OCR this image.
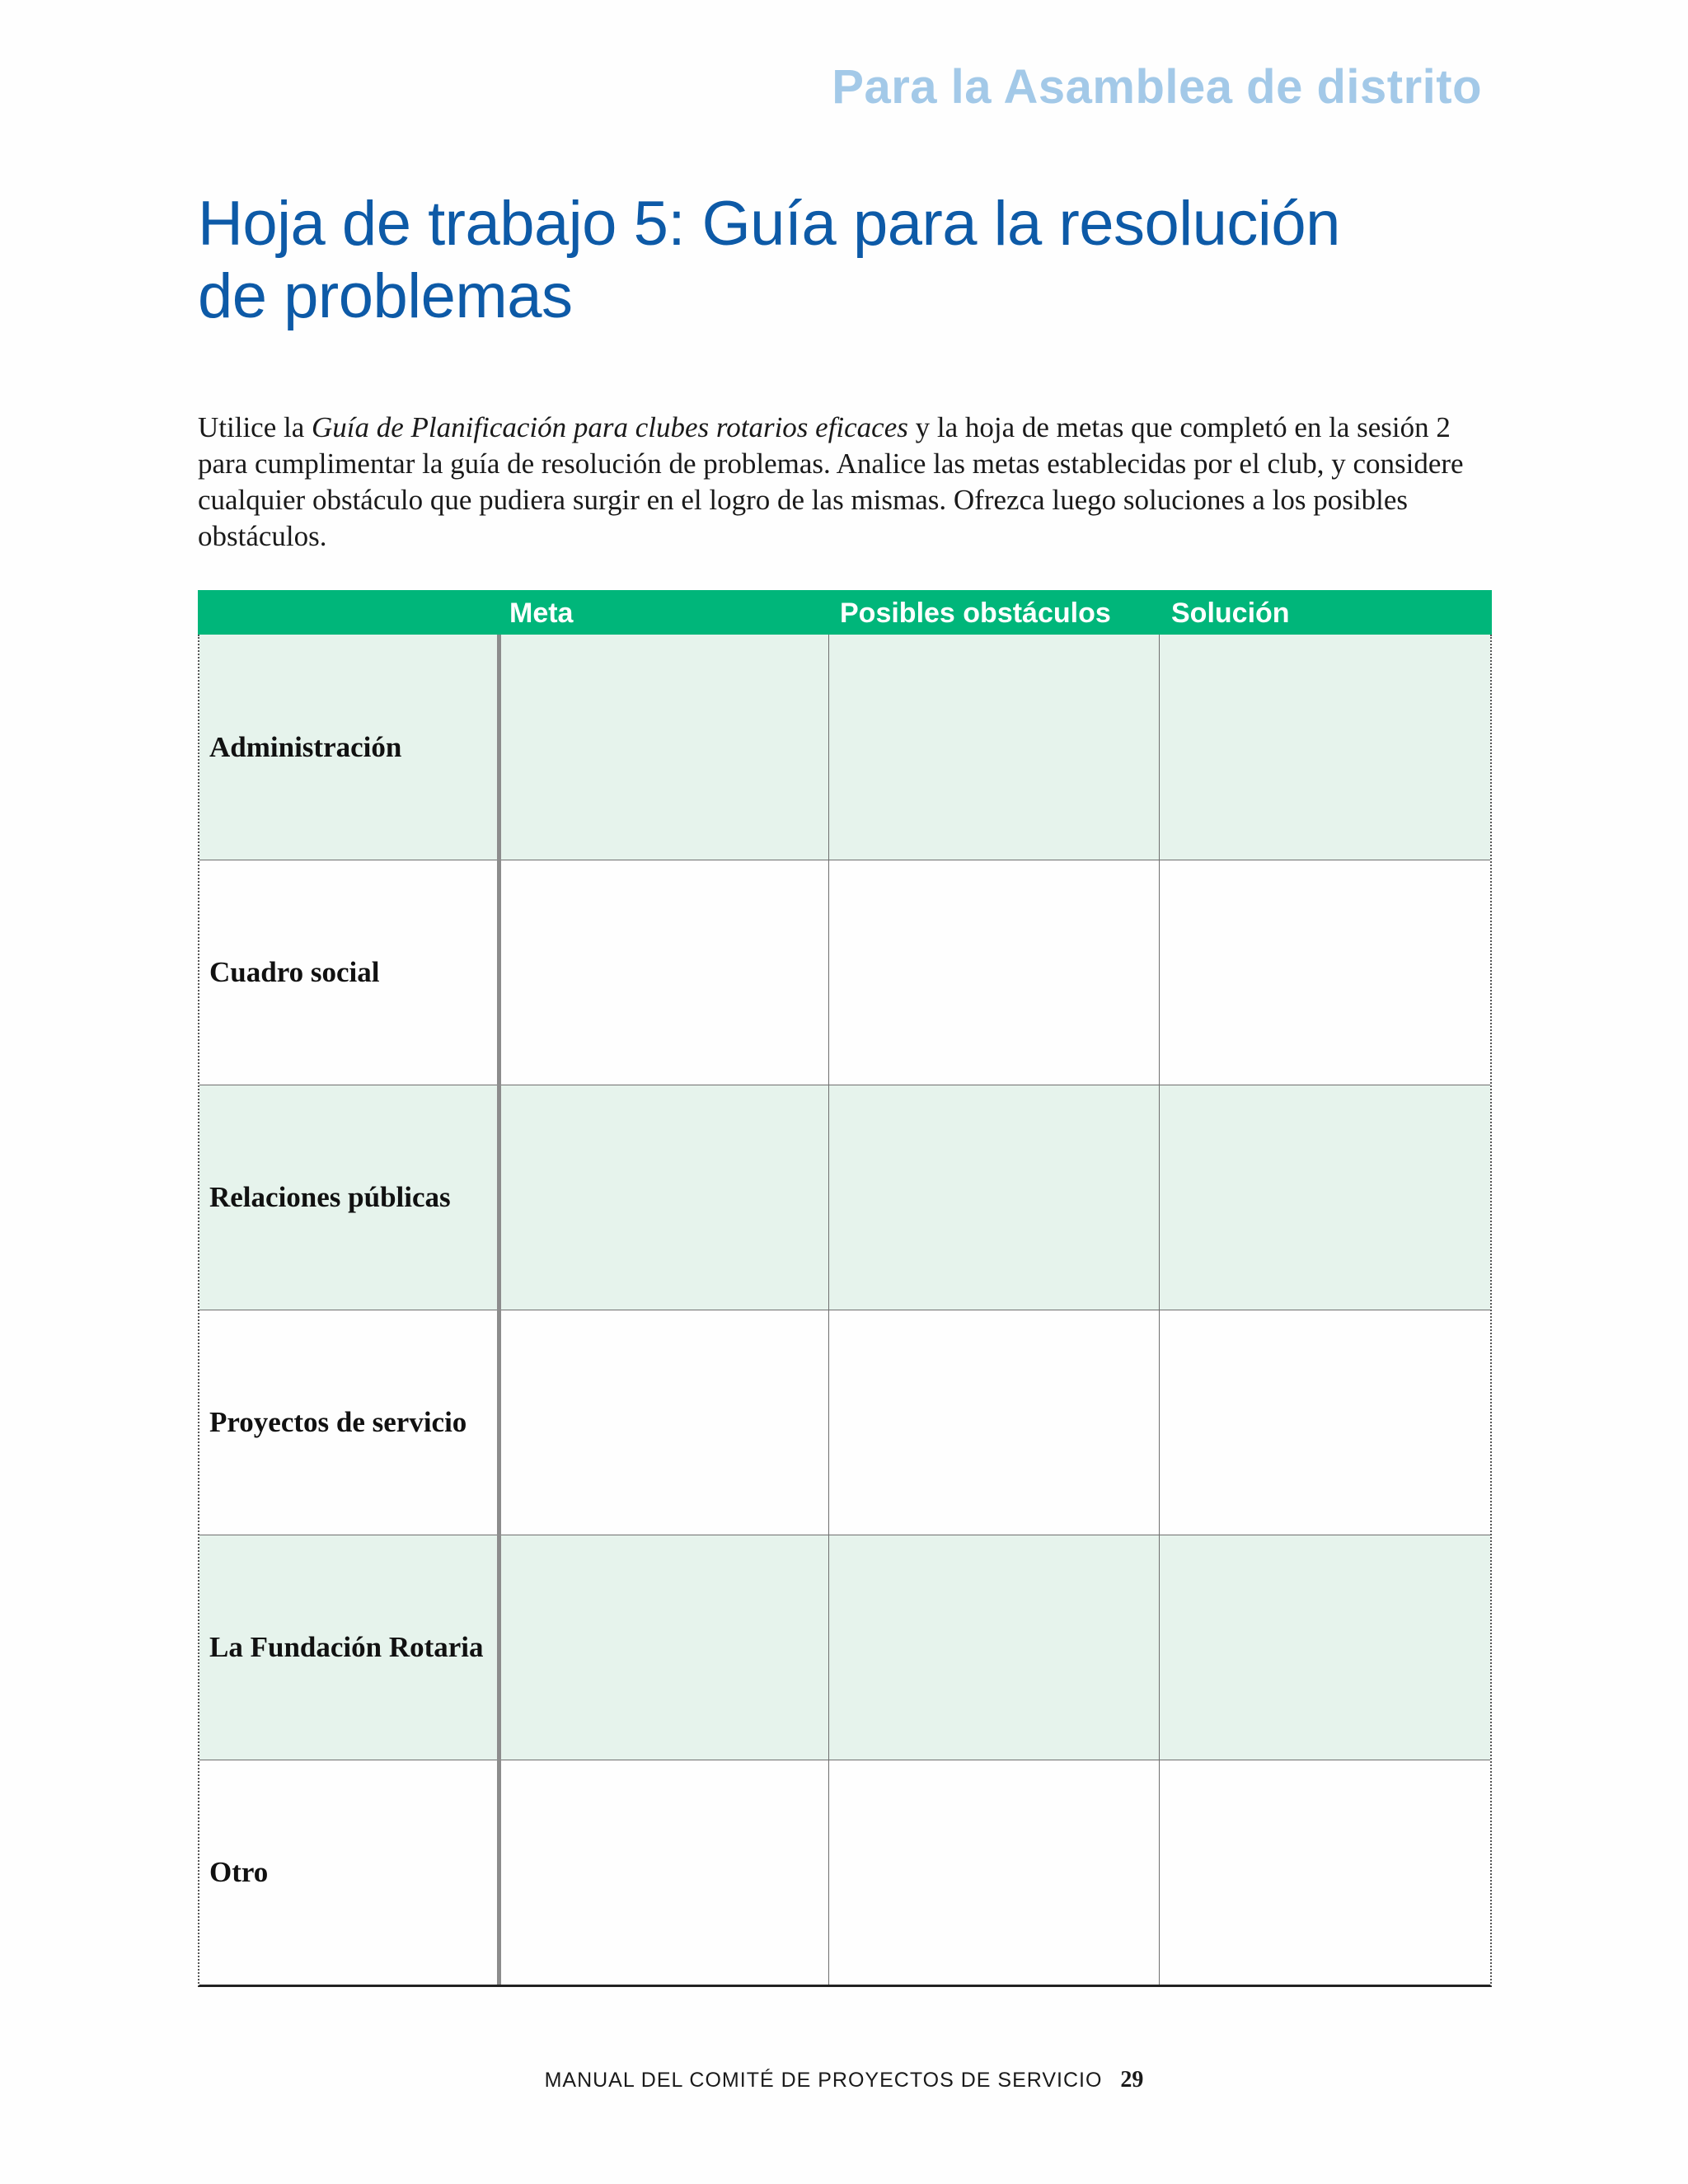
Para la Asamblea de distrito
Hoja de trabajo 5: Guía para la resolución
de problemas

Utilice la Guía de Planificación para clubes rotarios eficaces y la hoja de metas que completó en la sesión 2 para cumplimentar la guía de resolución de problemas. Analice las metas establecidas por el club, y considere cualquier obstáculo que pudiera surgir en el logro de las mismas. Ofrezca luego soluciones a los posibles obstáculos.

Meta	Posibles obstáculos Solución
Administración
Cuadro social
Relaciones públicas
Proyectos de servicio
La Fundación Rotaria
Otro
MANUAL DEL COMITÉ DE PROYECTOS DE SERVICIO 29
